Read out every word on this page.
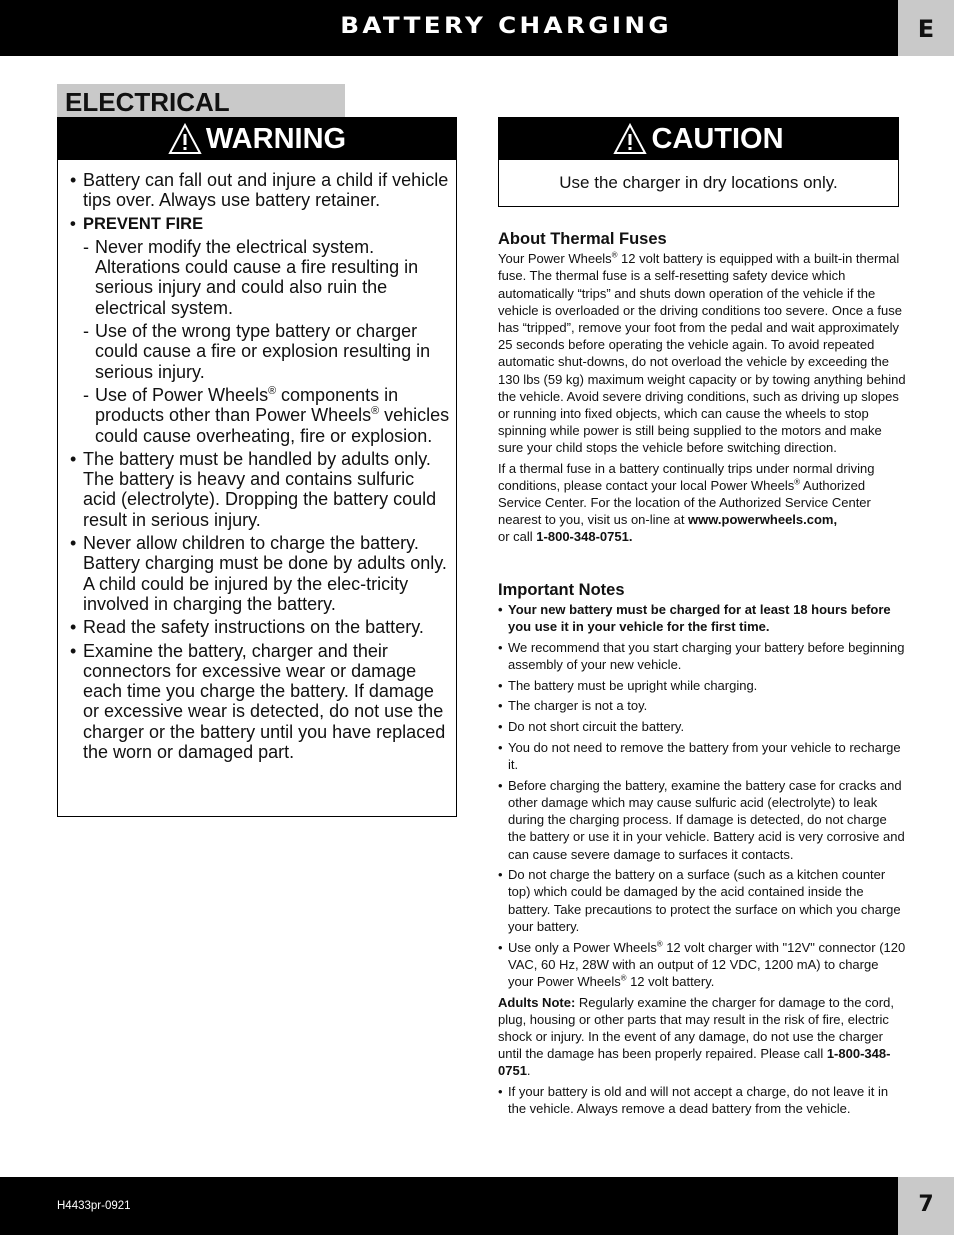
BATTERY CHARGING	E
ELECTRICAL
WARNING
• Battery can fall out and injure a child if vehicle tips over. Always use battery retainer.
• PREVENT FIRE
- Never modify the electrical system. Alterations could cause a fire resulting in serious injury and could also ruin the electrical system.
- Use of the wrong type battery or charger could cause a fire or explosion resulting in serious injury.
- Use of Power Wheels® components in products other than Power Wheels® vehicles could cause overheating, fire or explosion.
• The battery must be handled by adults only. The battery is heavy and contains sulfuric acid (electrolyte). Dropping the battery could result in serious injury.
• Never allow children to charge the battery. Battery charging must be done by adults only. A child could be injured by the elec-tricity involved in charging the battery.
• Read the safety instructions on the battery.
• Examine the battery, charger and their connectors for excessive wear or damage each time you charge the battery. If damage or excessive wear is detected, do not use the charger or the battery until you have replaced the worn or damaged part.
CAUTION
Use the charger in dry locations only.
About Thermal Fuses

Your Power Wheels® 12 volt battery is equipped with a built-in thermal fuse. The thermal fuse is a self-resetting safety device which automatically “trips” and shuts down operation of the vehicle if the vehicle is overloaded or the driving conditions too severe. Once a fuse has “tripped”, remove your foot from the pedal and wait approximately 25 seconds before operating the vehicle again. To avoid repeated automatic shut-downs, do not overload the vehicle by exceeding the 130 lbs (59 kg) maximum weight capacity or by towing anything behind the vehicle. Avoid severe driving conditions, such as driving up slopes or running into fixed objects, which can cause the wheels to stop spinning while power is still being supplied to the motors and make sure your child stops the vehicle before switching direction.

If a thermal fuse in a battery continually trips under normal driving conditions, please contact your local Power Wheels® Authorized Service Center. For the location of the Authorized Service Center nearest to you, visit us on-line at www.powerwheels.com,
or call 1-800-348-0751.

Important Notes
• Your new battery must be charged for at least 18 hours before you use it in your vehicle for the first time.
• We recommend that you start charging your battery before beginning assembly of your new vehicle.
• The battery must be upright while charging.
• The charger is not a toy.
• Do not short circuit the battery.
• You do not need to remove the battery from your vehicle to recharge it.
• Before charging the battery, examine the battery case for cracks and other damage which may cause sulfuric acid (electrolyte) to leak during the charging process. If damage is detected, do not charge the battery or use it in your vehicle. Battery acid is very corrosive and can cause severe damage to surfaces it contacts.
• Do not charge the battery on a surface (such as a kitchen counter top) which could be damaged by the acid contained inside the battery. Take precautions to protect the surface on which you charge your battery.
• Use only a Power Wheels® 12 volt charger with "12V" connector (120 VAC, 60 Hz, 28W with an output of 12 VDC, 1200 mA) to charge your Power Wheels® 12 volt battery.

Adults Note: Regularly examine the charger for damage to the cord, plug, housing or other parts that may result in the risk of fire, electric shock or injury. In the event of any damage, do not use the charger until the damage has been properly repaired. Please call 1-800-348-0751.

• If your battery is old and will not accept a charge, do not leave it in the vehicle. Always remove a dead battery from the vehicle.
H4433pr-0921	7
